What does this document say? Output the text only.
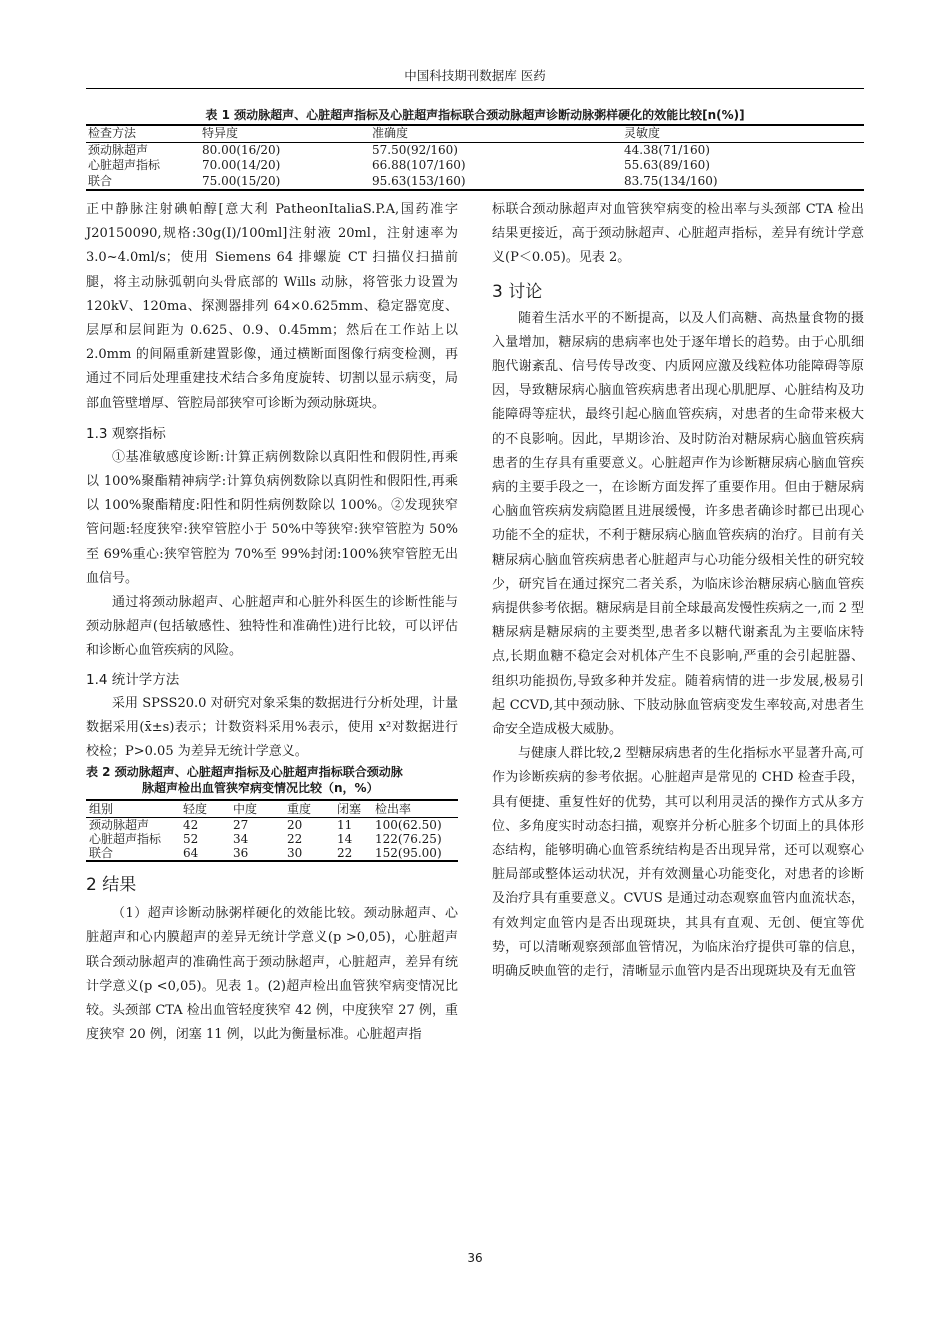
中国科技期刊数据库 医药
表 1 颈动脉超声、心脏超声指标及心脏超声指标联合颈动脉超声诊断动脉粥样硬化的效能比较[n(%)]
检查方法	特异度	准确度	灵敏度
颈动脉超声	80.00(16/20)	57.50(92/160)	44.38(71/160)
心脏超声指标	70.00(14/20)	66.88(107/160)	55.63(89/160)
联合	75.00(15/20)	95.63(153/160)	83.75(134/160)

正中静脉注射碘帕醇[意大利 PatheonItaliaS.P.A,国药准字 J20150090,规格:30g(I)/100ml]注射液 20ml，注射速率为 3.0~4.0ml/s；使用 Siemens 64 排螺旋 CT 扫描仪扫描前腿，将主动脉弧朝向头骨底部的 Wills 动脉，将管张力设置为 120kV、120ma、探测器排列 64×0.625mm、稳定器宽度、层厚和层间距为 0.625、0.9、0.45mm；然后在工作站上以 2.0mm 的间隔重新建置影像，通过横断面图像行病变检测，再通过不同后处理重建技术结合多角度旋转、切割以显示病变，局部血管壁增厚、管腔局部狭窄可诊断为颈动脉斑块。

1.3 观察指标

①基准敏感度诊断:计算正病例数除以真阳性和假阴性,再乘以 100%聚酯精神病学:计算负病例数除以真阴性和假阳性,再乘以 100%聚酯精度:阳性和阴性病例数除以 100%。②发现狭窄管问题:轻度狭窄:狭窄管腔小于 50%中等狭窄:狭窄管腔为 50%至 69%重心:狭窄管腔为 70%至 99%封闭:100%狭窄管腔无出血信号。

通过将颈动脉超声、心脏超声和心脏外科医生的诊断性能与颈动脉超声(包括敏感性、独特性和准确性)进行比较，可以评估和诊断心血管疾病的风险。

1.4 统计学方法

采用 SPSS20.0 对研究对象采集的数据进行分析处理，计量数据采用(x̄±s)表示；计数资料采用%表示，使用 x²对数据进行校检；P>0.05 为差异无统计学意义。

表 2 颈动脉超声、心脏超声指标及心脏超声指标联合颈动脉
脉超声检出血管狭窄病变情况比较（n，%）
组别	轻度	中度	重度	闭塞	检出率
颈动脉超声	42	27	20	11	100(62.50)
心脏超声指标	52	34	22	14	122(76.25)
联合	64	36	30	22	152(95.00)
2 结果

（1）超声诊断动脉粥样硬化的效能比较。颈动脉超声、心脏超声和心内膜超声的差异无统计学意义(p >0,05)，心脏超声联合颈动脉超声的准确性高于颈动脉超声，心脏超声，差异有统计学意义(p <0,05)。见表 1。(2)超声检出血管狭窄病变情况比较。头颈部 CTA 检出血管轻度狭窄 42 例，中度狭窄 27 例，重度狭窄 20 例，闭塞 11 例，以此为衡量标准。心脏超声指

标联合颈动脉超声对血管狭窄病变的检出率与头颈部 CTA 检出结果更接近，高于颈动脉超声、心脏超声指标，差异有统计学意义(P＜0.05)。见表 2。

3 讨论

随着生活水平的不断提高，以及人们高糖、高热量食物的摄入量增加，糖尿病的患病率也处于逐年增长的趋势。由于心肌细胞代谢紊乱、信号传导改变、内质网应激及线粒体功能障碍等原因，导致糖尿病心脑血管疾病患者出现心肌肥厚、心脏结构及功能障碍等症状，最终引起心脑血管疾病，对患者的生命带来极大的不良影响。因此，早期诊治、及时防治对糖尿病心脑血管疾病患者的生存具有重要意义。心脏超声作为诊断糖尿病心脑血管疾病的主要手段之一，在诊断方面发挥了重要作用。但由于糖尿病心脑血管疾病发病隐匿且进展缓慢，许多患者确诊时都已出现心功能不全的症状，不利于糖尿病心脑血管疾病的治疗。目前有关糖尿病心脑血管疾病患者心脏超声与心功能分级相关性的研究较少，研究旨在通过探究二者关系，为临床诊治糖尿病心脑血管疾病提供参考依据。糖尿病是目前全球最高发慢性疾病之一,而 2 型糖尿病是糖尿病的主要类型,患者多以糖代谢紊乱为主要临床特点,长期血糖不稳定会对机体产生不良影响,严重的会引起脏器、组织功能损伤,导致多种并发症。随着病情的进一步发展,极易引起 CCVD,其中颈动脉、下肢动脉血管病变发生率较高,对患者生命安全造成极大威胁。

与健康人群比较,2 型糖尿病患者的生化指标水平显著升高,可作为诊断疾病的参考依据。心脏超声是常见的 CHD 检查手段，具有便捷、重复性好的优势，其可以利用灵活的操作方式从多方位、多角度实时动态扫描，观察并分析心脏多个切面上的具体形态结构，能够明确心血管系统结构是否出现异常，还可以观察心脏局部或整体运动状况，并有效测量心功能变化，对患者的诊断及治疗具有重要意义。CVUS 是通过动态观察血管内血流状态，有效判定血管内是否出现斑块，其具有直观、无创、便宜等优势，可以清晰观察颈部血管情况，为临床治疗提供可靠的信息，明确反映血管的走行，清晰显示血管内是否出现斑块及有无血管

36
